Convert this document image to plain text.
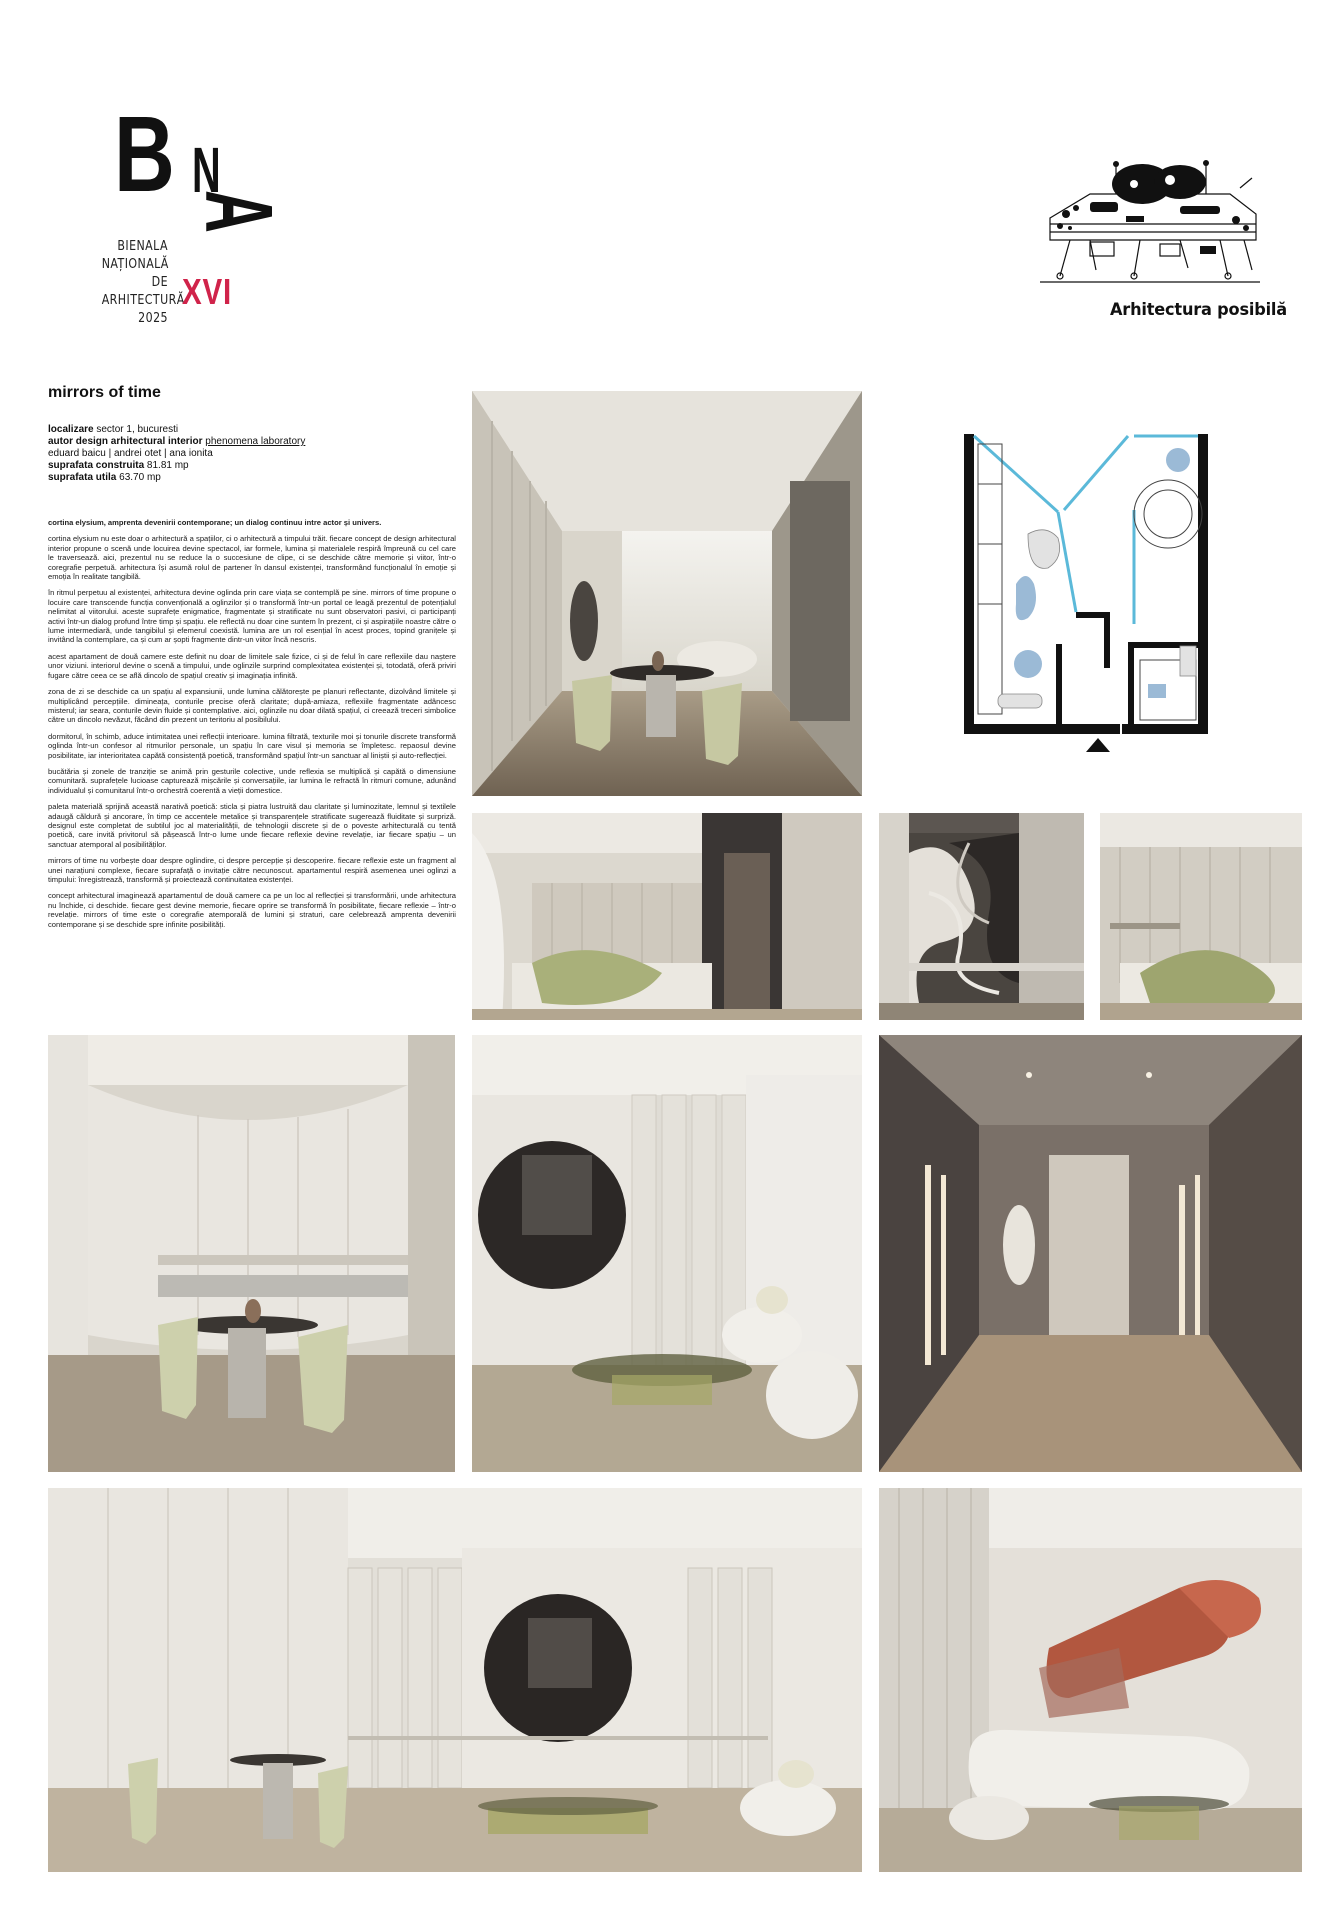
B N
A
BIENALA
NAȚIONALĂ
DE
ARHITECTURĂ
2025
XVI	Arhitectura posibilă
mirrors of time
localizare sector 1, bucuresti
autor design arhitectural interior phenomena laboratory
eduard baicu | andrei otet | ana ionita
suprafata construita 81.81 mp
suprafata utila 63.70 mp

cortina elysium, amprenta devenirii contemporane; un dialog continuu intre actor și univers.

cortina elysium nu este doar o arhitectură a spațiilor, ci o arhitectură a timpului trăit. fiecare concept de design arhitectural interior propune o scenă unde locuirea devine spectacol, iar formele, lumina și materialele respiră împreună cu cel care le traversează. aici, prezentul nu se reduce la o succesiune de clipe, ci se deschide către memorie și viitor, într-o coregrafie perpetuă. arhitectura își asumă rolul de partener în dansul existenței, transformând funcționalul în emoție și emoția în realitate tangibilă.

în ritmul perpetuu al existenței, arhitectura devine oglinda prin care viața se contemplă pe sine. mirrors of time propune o locuire care transcende funcția convențională a oglinzilor și o transformă într-un portal ce leagă prezentul de potențialul nelimitat al viitorului. aceste suprafețe enigmatice, fragmentate și stratificate nu sunt observatori pasivi, ci participanți activi într-un dialog profund între timp și spațiu. ele reflectă nu doar cine suntem în prezent, ci și aspirațiile noastre către o lume intermediară, unde tangibilul și efemerul coexistă. lumina are un rol esențial în acest proces, topind granițele și invitând la contemplare, ca și cum ar șopti fragmente dintr-un viitor încă nescris.

acest apartament de două camere este definit nu doar de limitele sale fizice, ci și de felul în care reflexiile dau naștere unor viziuni. interiorul devine o scenă a timpului, unde oglinzile surprind complexitatea existenței și, totodată, oferă priviri fugare către ceea ce se află dincolo de spațiul creativ și imaginația infinită.

zona de zi se deschide ca un spațiu al expansiunii, unde lumina călătorește pe planuri reflectante, dizolvând limitele și multiplicând percepțiile. dimineața, conturile precise oferă claritate; după-amiaza, reflexiile fragmentate adâncesc misterul; iar seara, conturile devin fluide și contemplative. aici, oglinzile nu doar dilată spațiul, ci creează treceri simbolice către un dincolo nevăzut, făcând din prezent un teritoriu al posibilului.

dormitorul, în schimb, aduce intimitatea unei reflecții interioare. lumina filtrată, texturile moi și tonurile discrete transformă oglinda într-un confesor al ritmurilor personale, un spațiu în care visul și memoria se împletesc. repaosul devine posibilitate, iar interioritatea capătă consistență poetică, transformând spațiul într-un sanctuar al liniștii și auto-reflecției.

bucătăria și zonele de tranziție se animă prin gesturile colective, unde reflexia se multiplică și capătă o dimensiune comunitară. suprafețele lucioase capturează mișcările și conversațiile, iar lumina le refractă în ritmuri comune, adunând individualul și comunitarul într-o orchestră coerentă a vieții domestice.

paleta materială sprijină această narativă poetică: sticla și piatra lustruită dau claritate și luminozitate, lemnul și textilele adaugă căldură și ancorare, în timp ce accentele metalice și transparențele stratificate sugerează fluiditate și surpriză. designul este completat de subtilul joc al materialității, de tehnologii discrete și de o poveste arhitecturală cu tentă poetică, care invită privitorul să pășească într-o lume unde fiecare reflexie devine revelație, iar fiecare spațiu – un sanctuar atemporal al posibilităților.

mirrors of time nu vorbește doar despre oglindire, ci despre percepție și descoperire. fiecare reflexie este un fragment al unei narațiuni complexe, fiecare suprafață o invitație către necunoscut. apartamentul respiră asemenea unei oglinzi a timpului: înregistrează, transformă și proiectează continuitatea existenței.

concept arhitectural imaginează apartamentul de două camere ca pe un loc al reflecției și transformării, unde arhitectura nu închide, ci deschide. fiecare gest devine memorie, fiecare oprire se transformă în posibilitate, fiecare reflexie – într-o revelație. mirrors of time este o coregrafie atemporală de lumini și straturi, care celebrează amprenta devenirii contemporane și se deschide spre infinite posibilități.
